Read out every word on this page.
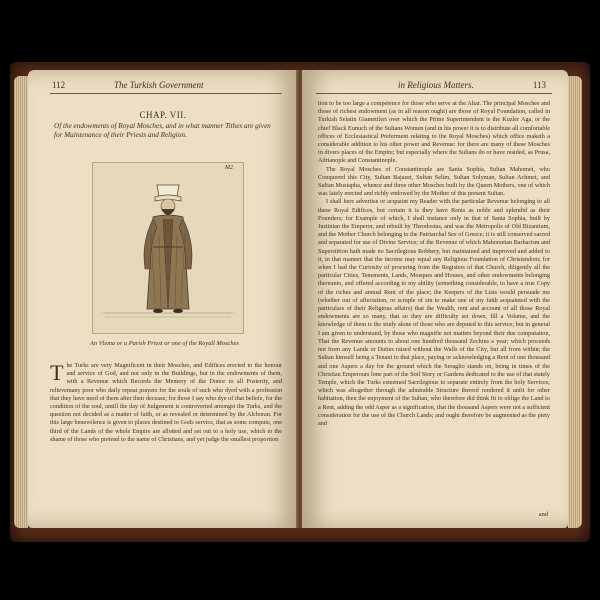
112	The Turkish Government
CHAP. VII.
Of the endowments of Royal Mosches, and in what manner Tithes are given for Maintenance of their Priests and Religion.
M2
An Vlema or a Parish Priest or one of the Royall Mosches

The Turks are very Magnificent in their Mosches, and Edifices erected to the honour and service of God, and not only in the Buildings, but in the endowments of them, with a Revenue which Records the Memory of the Donor to all Posterity, and relievemany poor who daily repeat prayers for the souls of such who dyed with a profession that they have need of them after their decease; for those I say who dye of that beliefe, for the condition of the soul, untill the day of Judgement is controverted amongst the Turks, and the question not decided as a matter of faith, or as revealed or determined by the Alchoran. For this large benevolence is given to places destined to Gods service, that as some compute, one third of the Lands of the whole Empire are allotted and set out to a holy use, which to the shame of those who pretend to the name of Christians, and yet judge the smallest proportion

in Religious Matters.	113

tion to be too large a competence for those who serve at the Altar. The principal Mosches and those of richest endowment (as in all reason ought) are those of Royal Foundation, called in Turkish Selatin Giametileri over which the Prime Superintendent is the Kuzler Aga, or the chief Black Eunuch of the Sultans Women (and in his power it is to distribute all comfortable offices of Ecclesiastical Preferment relating to the Royal Mosches) which office maketh a considerable addition to his other power and Revenue: for there are many of these Mosches in divers places of the Empire; but especially where the Sultans do or have resided, as Prusa, Adrianople and Constantinople.

The Royal Mosches of Constantinople are Santa Sophia, Sultan Mahomet, who Conquered this City, Sultan Bajazet, Sultan Selim, Sultan Solyman, Sultan Achmet, and Sultan Mustapha, whence and three other Mosches built by the Queen Mothers, one of which was lately erected and richly endowed by the Mother of this present Sultan.

I shall here advertise or acquaint my Reader with the particular Revenue belonging to all these Royal Edifices, but certain it is they have Rents as noble and splendid as their Founders; for Example of which, I shall instance only in that of Santa Sophia, built by Justinian the Emperor, and rebuilt by Theodosius, and was the Metropolis of Old Bizantium, and the Mother Church belonging to the Patriarchal See of Greece; it is still conserved sacred and separated for use of Divine Service; of the Revenue of which Mahometan Barbarism and Superstition hath made no Sacrilegious Robbery, but maintained and improved and added to it, in that manner that the income may equal any Religious Foundation of Christendom; for when I had the Curiosity of procuring from the Registers of that Church, diligently all the particular Cities, Tenements, Lands, Mosques and Houses, and other endowments belonging thereunto, and offered according to my ability (something considerable, to have a true Copy of the riches and annual Rent of the place; the Keepers of the Lists would persuade me (whether out of affectation, or scruple of sin to make one of my faith acquainted with the particulars of their Religious affairs) that the Wealth, rent and account of all those Royal endowments are so many, that so they are difficulty set down, fill a Volume, and the knowledge of them is the study alone of those who are deputed to this service; but in general I am given to understand, by those who magnifie not matters beyond their due computation, That the Revenue amounts to about one hundred thousand Zechins a year; which proceeds not from any Lands or Duties raised without the Walls of the City, but all from within; the Sultan himself being a Tenant to that place, paying or acknowledging a Rent of one thousand and one Aspers a day for the ground which the Seraglio stands on, being in times of the Christian Emperours lone part of the Soil Story or Gardens dedicated to the use of that stately Temple, which the Turks esteemed Sacrilegious to separate entirely from the holy Services; which was altogether through the admirable Structure thereof rendered it unfit for other habitation, then the enjoyment of the Sultan, who therefore did think fit to oblige the Land to a Rent, adding the odd Asper as a signification, that the thousand Aspers were not a sufficient consideration for the use of the Church Lands; and ought therefore be augmented as the piety and

and
